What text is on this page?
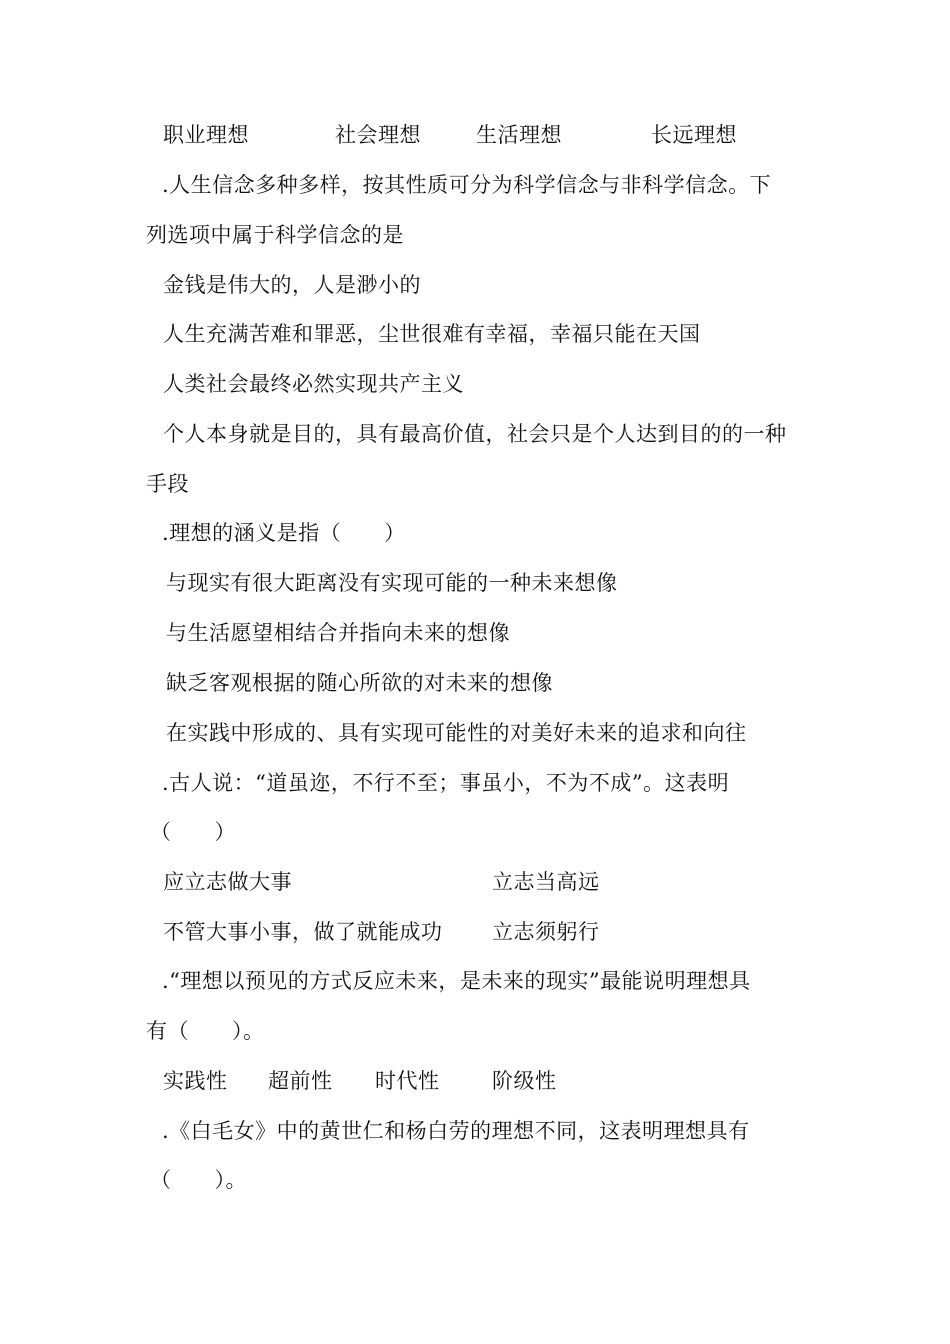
职业理想	社会理想	生活理想	长远理想
.人生信念多种多样，按其性质可分为科学信念与非科学信念。下
列选项中属于科学信念的是
金钱是伟大的，人是渺小的
人生充满苦难和罪恶，尘世很难有幸福，幸福只能在天国
人类社会最终必然实现共产主义
个人本身就是目的，具有最高价值，社会只是个人达到目的的一种
手段
.理想的涵义是指（　　）
与现实有很大距离没有实现可能的一种未来想像
与生活愿望相结合并指向未来的想像
缺乏客观根据的随心所欲的对未来的想像
在实践中形成的、具有实现可能性的对美好未来的追求和向往
.古人说：“道虽迩，不行不至；事虽小，不为不成”。这表明
（　　）
应立志做大事	立志当高远
不管大事小事，做了就能成功 立志须躬行
.“理想以预见的方式反应未来，是未来的现实”最能说明理想具
有（　　）。
实践性 超前性 时代性	阶级性
.《白毛女》中的黄世仁和杨白劳的理想不同，这表明理想具有
（　　）。
